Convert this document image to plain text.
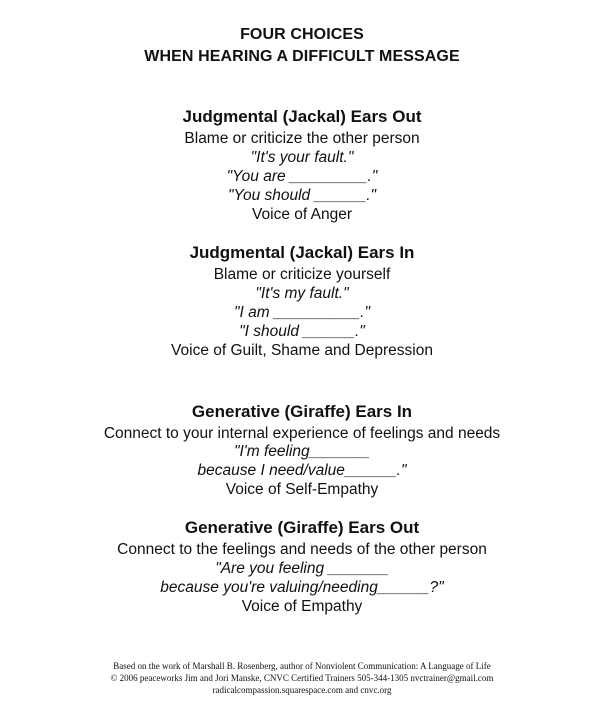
FOUR CHOICES
WHEN HEARING A DIFFICULT MESSAGE
Judgmental (Jackal) Ears Out
Blame or criticize the other person
"It's your fault."
"You are _________."
"You should ______."
Voice of Anger
Judgmental (Jackal) Ears In
Blame or criticize yourself
"It's my fault."
"I am __________."
"I should ______."
Voice of Guilt, Shame and Depression
Generative (Giraffe) Ears In
Connect to your internal experience of feelings and needs
"I'm feeling_______
because I need/value______."
Voice of Self-Empathy
Generative (Giraffe) Ears Out
Connect to the feelings and needs of the other person
"Are you feeling _______
because you're valuing/needing______?"
Voice of Empathy
Based on the work of Marshall B. Rosenberg, author of Nonviolent Communication: A Language of Life
© 2006 peaceworks Jim and Jori Manske, CNVC Certified Trainers 505-344-1305 nvctrainer@gmail.com
radicalcompassion.squarespace.com and cnvc.org
